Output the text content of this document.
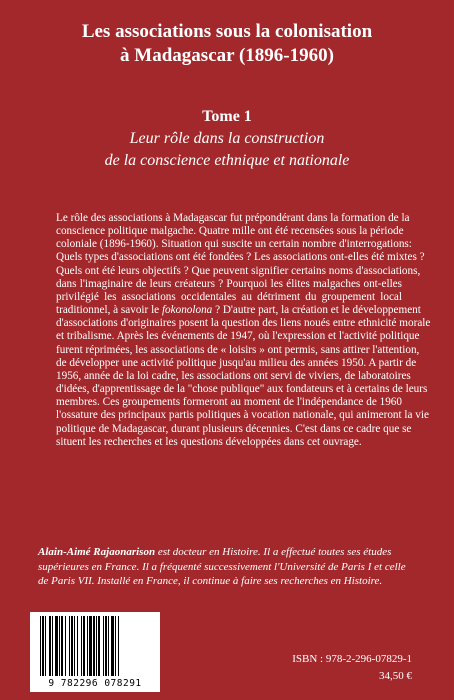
Les associations sous la colonisation
à Madagascar (1896-1960)
Tome 1
Leur rôle dans la construction
de la conscience ethnique et nationale
Le rôle des associations à Madagascar fut prépondérant dans la formation de la
conscience politique malgache. Quatre mille ont été recensées sous la période
coloniale (1896-1960). Situation qui suscite un certain nombre d'interrogations:
Quels types d'associations ont été fondées ? Les associations ont-elles été mixtes ?
Quels ont été leurs objectifs ? Que peuvent signifier certains noms d'associations,
dans l'imaginaire de leurs créateurs ? Pourquoi les élites malgaches ont-elles
privilégié les associations occidentales au détriment du groupement local
traditionnel, à savoir le fokonolona ? D'autre part, la création et le développement
d'associations d'originaires posent la question des liens noués entre ethnicité morale
et tribalisme. Après les événements de 1947, où l'expression et l'activité politique
furent réprimées, les associations de « loisirs » ont permis, sans attirer l'attention,
de développer une activité politique jusqu'au milieu des années 1950. A partir de
1956, année de la loi cadre, les associations ont servi de viviers, de laboratoires
d'idées, d'apprentissage de la "chose publique" aux fondateurs et à certains de leurs
membres. Ces groupements formeront au moment de l'indépendance de 1960
l'ossature des principaux partis politiques à vocation nationale, qui animeront la vie
politique de Madagascar, durant plusieurs décennies. C'est dans ce cadre que se
situent les recherches et les questions développées dans cet ouvrage.
Alain-Aimé Rajaonarison est docteur en Histoire. Il a effectué toutes ses études supérieures en France. Il a fréquenté successivement l'Université de Paris I et celle de Paris VII. Installé en France, il continue à faire ses recherches en Histoire.
9 782296 078291
ISBN : 978-2-296-07829-1
34,50 €
